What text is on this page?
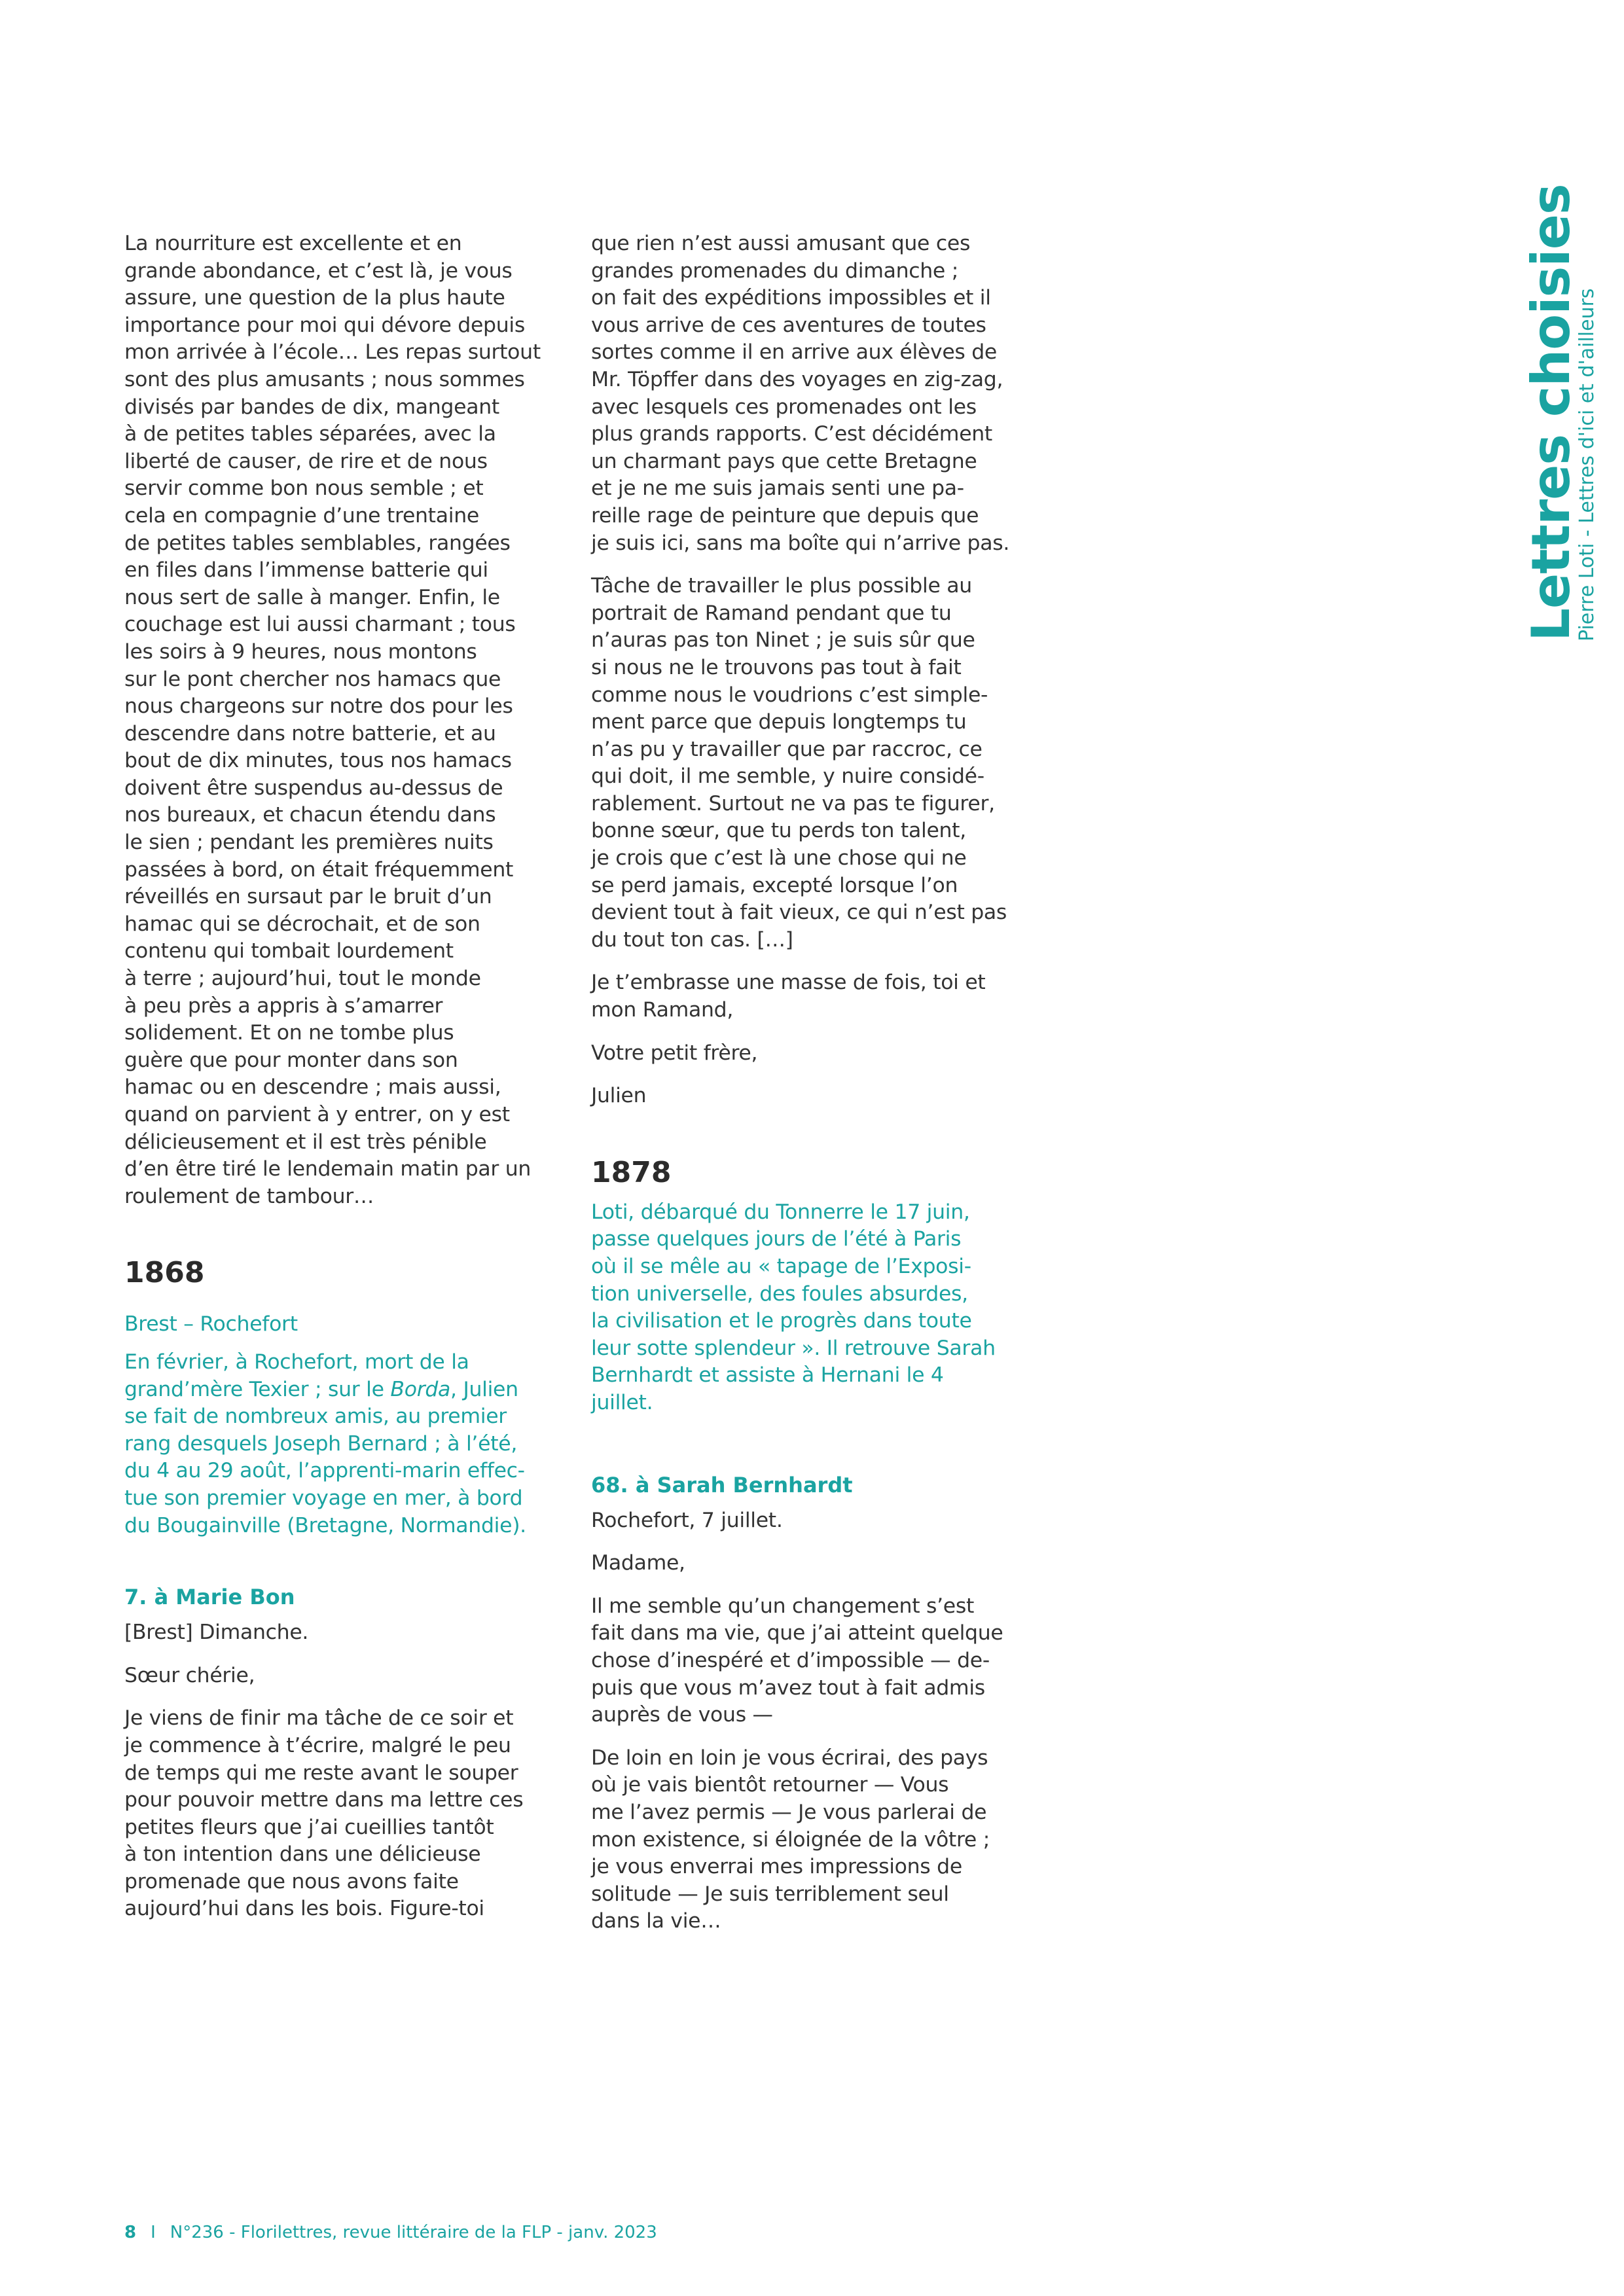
Lettres choisies
Pierre Loti - Lettres d'ici et d'ailleurs
La nourriture est excellente et en
grande abondance, et c’est là, je vous
assure, une question de la plus haute
importance pour moi qui dévore depuis
mon arrivée à l’école… Les repas surtout
sont des plus amusants ; nous sommes
divisés par bandes de dix, mangeant
à de petites tables séparées, avec la
liberté de causer, de rire et de nous
servir comme bon nous semble ; et
cela en compagnie d’une trentaine
de petites tables semblables, rangées
en files dans l’immense batterie qui
nous sert de salle à manger. Enfin, le
couchage est lui aussi charmant ; tous
les soirs à 9 heures, nous montons
sur le pont chercher nos hamacs que
nous chargeons sur notre dos pour les
descendre dans notre batterie, et au
bout de dix minutes, tous nos hamacs
doivent être suspendus au-dessus de
nos bureaux, et chacun étendu dans
le sien ; pendant les premières nuits
passées à bord, on était fréquemment
réveillés en sursaut par le bruit d’un
hamac qui se décrochait, et de son
contenu qui tombait lourdement
à terre ; aujourd’hui, tout le monde
à peu près a appris à s’amarrer
solidement. Et on ne tombe plus
guère que pour monter dans son
hamac ou en descendre ; mais aussi,
quand on parvient à y entrer, on y est
délicieusement et il est très pénible
d’en être tiré le lendemain matin par un
roulement de tambour…
1868
Brest – Rochefort
En février, à Rochefort, mort de la
grand’mère Texier ; sur le Borda, Julien
se fait de nombreux amis, au premier
rang desquels Joseph Bernard ; à l’été,
du 4 au 29 août, l’apprenti-marin effec-
tue son premier voyage en mer, à bord
du Bougainville (Bretagne, Normandie).
7. à Marie Bon
[Brest] Dimanche.
Sœur chérie,
Je viens de finir ma tâche de ce soir et
je commence à t’écrire, malgré le peu
de temps qui me reste avant le souper
pour pouvoir mettre dans ma lettre ces
petites fleurs que j’ai cueillies tantôt
à ton intention dans une délicieuse
promenade que nous avons faite
aujourd’hui dans les bois. Figure-toi
que rien n’est aussi amusant que ces
grandes promenades du dimanche ;
on fait des expéditions impossibles et il
vous arrive de ces aventures de toutes
sortes comme il en arrive aux élèves de
Mr. Töpffer dans des voyages en zig-zag,
avec lesquels ces promenades ont les
plus grands rapports. C’est décidément
un charmant pays que cette Bretagne
et je ne me suis jamais senti une pa-
reille rage de peinture que depuis que
je suis ici, sans ma boîte qui n’arrive pas.
Tâche de travailler le plus possible au
portrait de Ramand pendant que tu
n’auras pas ton Ninet ; je suis sûr que
si nous ne le trouvons pas tout à fait
comme nous le voudrions c’est simple-
ment parce que depuis longtemps tu
n’as pu y travailler que par raccroc, ce
qui doit, il me semble, y nuire considé-
rablement. Surtout ne va pas te figurer,
bonne sœur, que tu perds ton talent,
je crois que c’est là une chose qui ne
se perd jamais, excepté lorsque l’on
devient tout à fait vieux, ce qui n’est pas
du tout ton cas. […]
Je t’embrasse une masse de fois, toi et
mon Ramand,
Votre petit frère,
Julien
1878
Loti, débarqué du Tonnerre le 17 juin,
passe quelques jours de l’été à Paris
où il se mêle au « tapage de l’Exposi-
tion universelle, des foules absurdes,
la civilisation et le progrès dans toute
leur sotte splendeur ». Il retrouve Sarah
Bernhardt et assiste à Hernani le 4
juillet.
68. à Sarah Bernhardt
Rochefort, 7 juillet.
Madame,
Il me semble qu’un changement s’est
fait dans ma vie, que j’ai atteint quelque
chose d’inespéré et d’impossible — de-
puis que vous m’avez tout à fait admis
auprès de vous —
De loin en loin je vous écrirai, des pays
où je vais bientôt retourner — Vous
me l’avez permis — Je vous parlerai de
mon existence, si éloignée de la vôtre ;
je vous enverrai mes impressions de
solitude — Je suis terriblement seul
dans la vie…
8 I N°236 - Florilettres, revue littéraire de la FLP - janv. 2023
